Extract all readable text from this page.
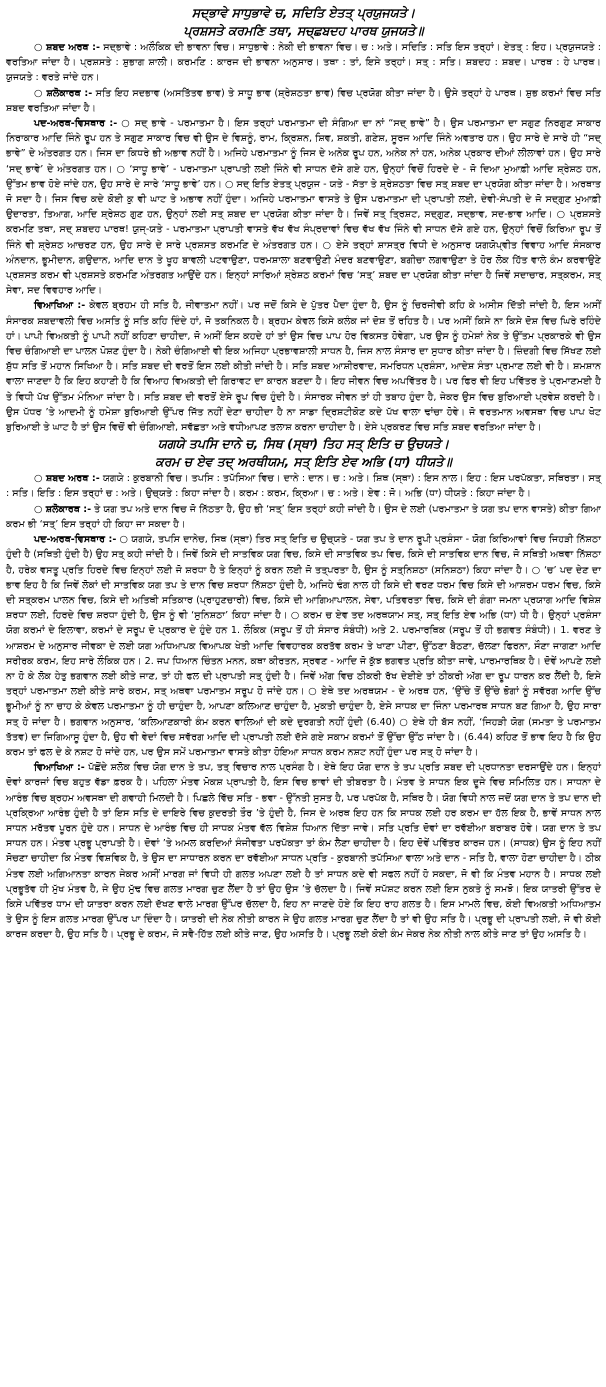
ਸਦ੍ਭਾਵੇ ਸਾਧੁਭਾਵੇ ਚ, ਸਦਿਤਿ ਏਤਤ੍ ਪ੍ਰਯੁਜਯਤੇ।

ਪ੍ਰਸ਼ਸਤੇ ਕਰਮਣਿ ਤਥਾ, ਸਚ੍ਛਬਦਹ ਪਾਰਥ ਯੁਜਯਤੇ॥

○ ਸ਼ਬਦ ਅਰਥ :- ਸਦ੍ਭਾਵੇ : ਅਲੌਕਿਕ ਦੀ ਭਾਵਨਾ ਵਿਚ। ਸਾਧੁਭਾਵੇ : ਨੇਕੀ ਦੀ ਭਾਵਨਾ ਵਿਚ। ਚ : ਅਤੇ। ਸਦਿਤਿ : ਸਤਿ ਇਸ ਤਰ੍ਹਾਂ। ਏਤਤ੍ : ਇਹ। ਪ੍ਰਯੁਜਯਤੇ : ਵਰਤਿਆ ਜਾਂਦਾ ਹੈ। ਪ੍ਰਸ਼ਸਤੇ : ਸ਼ੁਭਾਗ ਸ਼ਾਲੀ। ਕਰਮਣਿ : ਕਾਰਜ ਦੀ ਭਾਵਨਾ ਅਨੁਸਾਰ। ਤਥਾ : ਤਾਂ, ਇਸੇ ਤਰ੍ਹਾਂ। ਸਤ੍ : ਸਤਿ। ਸ਼ਬਦਹ : ਸ਼ਬਦ। ਪਾਰਥ : ਹੇ ਪਾਰਥ। ਯੁਜਯਤੇ : ਵਰਤੇ ਜਾਂਦੇ ਹਨ।

○ ਸ਼ਲੋਕਾਰਥ :- ਸਤਿ ਇਹ ਸਦਭਾਵ (ਅਸਤਿੱਤਵ ਭਾਵ) ਤੇ ਸਾਧੂ ਭਾਵ (ਸ਼੍ਰੇਸ਼ਠਤਾ ਭਾਵ) ਵਿਚ ਪ੍ਰਯੋਗ ਕੀਤਾ ਜਾਂਦਾ ਹੈ। ਉਸੇ ਤਰ੍ਹਾਂ ਹੇ ਪਾਰਥ। ਸ਼ੁਭ ਕਰਮਾਂ ਵਿਚ ਸਤਿ ਸ਼ਬਦ ਵਰਤਿਆ ਜਾਂਦਾ ਹੈ।

ਪਦ-ਅਰਥ-ਵਿਸਥਾਰ :- ○ ਸਦ੍ ਭਾਵੇ - ਪਰਮਾਤਮਾ ਹੈ। ਇਸ ਤਰ੍ਹਾਂ ਪਰਮਾਤਮਾ ਦੀ ਸੰਗਿਆ ਦਾ ਨਾਂ “ਸਦ੍ ਭਾਵੇ” ਹੈ। ਉਸ ਪਰਮਾਤਮਾ ਦਾ ਸਗੁਣ ਨਿਰਗੁਣ ਸਾਕਾਰ ਨਿਰਾਕਾਰ ਆਦਿ ਜਿੰਨੇ ਰੂਪ ਹਨ ਤੇ ਸਗੁਣ ਸਾਕਾਰ ਵਿਚ ਵੀ ਉਸ ਦੇ ਵਿਸ਼ਨੂੰ, ਰਾਮ, ਕ੍ਰਿਸ਼ਨ, ਸ਼ਿਵ, ਸ਼ਕਤੀ, ਗਣੇਸ਼, ਸੂਰਜ ਆਦਿ ਜਿੰਨੇ ਅਵਤਾਰ ਹਨ। ਉਹ ਸਾਰੇ ਦੇ ਸਾਰੇ ਹੀ “ਸਦ੍ ਭਾਵੇ” ਦੇ ਅੰਤਰਗਤ ਹਨ। ਜਿਸ ਦਾ ਕਿਧਰੇ ਭੀ ਅਭਾਵ ਨਹੀਂ ਹੈ। ਅਜਿਹੇ ਪਰਮਾਤਮਾ ਨੂੰ ਜਿਸ ਦੇ ਅਨੇਕ ਰੂਪ ਹਨ, ਅਨੇਕ ਨਾਂ ਹਨ, ਅਨੇਕ ਪ੍ਰਕਾਰ ਦੀਆਂ ਲੀਲਾਵਾਂ ਹਨ। ਉਹ ਸਾਰੇ ‘ਸਦ੍ ਭਾਵੇ’ ਦੇ ਅੰਤਰਗਤ ਹਨ। ○ ‘ਸਾਧੂ ਭਾਵੇ’ - ਪਰਮਾਤਮਾ ਪ੍ਰਾਪਤੀ ਲਈ ਜਿੰਨੇ ਵੀ ਸਾਧਨ ਦੱਸੇ ਗਏ ਹਨ, ਉਨ੍ਹਾਂ ਵਿਚੋਂ ਹਿਰਦੇ ਦੇ - ਜੋ ਦਿਆ ਮੁਆਫ਼ੀ ਆਦਿ ਸ਼੍ਰੇਸ਼ਠ ਹਨ, ਉੱਤਮ ਭਾਵ ਹੋਏ ਜਾਂਦੇ ਹਨ, ਉਹ ਸਾਰੇ ਦੇ ਸਾਰੇ ‘ਸਾਧੂ ਭਾਵੇ’ ਹਨ। ○ ਸਦ੍ ਇਤਿ ਏਤਤ੍ ਪ੍ਰਯੁਜ - ਯਤੇ - ਸੱਤਾ ਤੇ ਸ਼੍ਰੇਸ਼ਠਤਾ ਵਿਚ ਸਤ੍ ਸ਼ਬਦ ਦਾ ਪ੍ਰਯੋਗ ਕੀਤਾ ਜਾਂਦਾ ਹੈ। ਅਰਥਾਤ ਜੋ ਸਦਾ ਹੈ। ਜਿਸ ਵਿਚ ਕਦੇ ਕੋਈ ਕੁ ਵੀ ਘਾਟ ਤੇ ਅਭਾਵ ਨਹੀਂ ਹੁੰਦਾ। ਅਜਿਹੇ ਪਰਮਾਤਮਾ ਵਾਸਤੇ ਤੇ ਉਸ ਪਰਮਾਤਮਾ ਦੀ ਪ੍ਰਾਪਤੀ ਲਈ, ਦੇਵੀ-ਸੰਪਤੀ ਦੇ ਜੋ ਸਦ੍ਗੁਣ ਮੁਆਫ਼ੀ ਉਦਾਰਤਾ, ਤਿਆਗ, ਆਦਿ ਸ਼੍ਰੇਸ਼ਠ ਗੁਣ ਹਨ, ਉਨ੍ਹਾਂ ਲਈ ਸਤ੍ ਸ਼ਬਦ ਦਾ ਪ੍ਰਯੋਗ ਕੀਤਾ ਜਾਂਦਾ ਹੈ। ਜਿਵੇਂ ਸਤ੍ ਤ੍ਰਿਸ਼ਟ, ਸਦ੍ਗੁਣ, ਸਦ੍ਭਾਵ, ਸਦ-ਭਾਵ ਆਦਿ। ○ ਪ੍ਰਸ਼ਸਤੇ ਕਰਮਣਿ ਤਥਾ, ਸਦ੍ ਸ਼ਬਦਹ ਪਾਰਥ! ਯੁਜ੍-ਯਤੇ - ਪਰਮਾਤਮਾ ਪ੍ਰਾਪਤੀ ਵਾਸਤੇ ਵੱਖ ਵੱਖ ਸੰਪ੍ਰਦਾਵਾਂ ਵਿਚ ਵੱਖ ਵੱਖ ਜਿੰਨੇ ਵੀ ਸਾਧਨ ਦੱਸੇ ਗਏ ਹਨ, ਉਨ੍ਹਾਂ ਵਿਚੋਂ ਕਿਰਿਆ ਰੂਪ ਤੋਂ ਜਿੰਨੇ ਵੀ ਸ਼੍ਰੇਸ਼ਠ ਆਚਰਣ ਹਨ, ਉਹ ਸਾਰੇ ਦੇ ਸਾਰੇ ਪ੍ਰਸ਼ਸਤ ਕਰਮਣਿ ਦੇ ਅੰਤਰਗਤ ਹਨ। ○ ਏਸੇ ਤਰ੍ਹਾਂ ਸ਼ਾਸਤ੍ਰ ਵਿਧੀ ਦੇ ਅਨੁਸਾਰ ਯਗਯੋਪ੍ਵੀਤ ਵਿਵਾਹ ਆਦਿ ਸੰਸਕਾਰ ਅੰਨਦਾਨ, ਭੂਮੀਦਾਨ, ਗਉਦਾਨ, ਆਦਿ ਦਾਨ ਤੇ ਖੂਹ ਬਾਵਲੀ ਪਟਵਾਉਣਾ, ਧਰਮਸ਼ਾਲਾ ਬਣਵਾਉਣੀ ਮੰਦਰ ਬਣਵਾਉਣਾ, ਬਗੀਚਾ ਲਗਵਾਉਣਾ ਤੇ ਹੋਰ ਲੋਕ ਹਿੱਤ ਵਾਲੇ ਕੰਮ ਕਰਵਾਉਣੇ ਪ੍ਰਸ਼ਸਤ ਕਰਮ ਵੀ ਪ੍ਰਸ਼ਸਤੇ ਕਰਮਣਿ ਅੰਤਰਗਤ ਆਉਂਦੇ ਹਨ। ਇਨ੍ਹਾਂ ਸਾਰਿਆਂ ਸ਼੍ਰੇਸ਼ਠ ਕਰਮਾਂ ਵਿਚ ‘ਸਤ੍’ ਸ਼ਬਦ ਦਾ ਪ੍ਰਯੋਗ ਕੀਤਾ ਜਾਂਦਾ ਹੈ ਜਿਵੇਂ ਸਦਾਚਾਰ, ਸਤ੍ਕਰਮ, ਸਤ੍ ਸੇਵਾ, ਸਦ ਵਿਵਹਾਰ ਆਦਿ।

ਵਿਆਖਿਆ :- ਕੇਵਲ ਬ੍ਰਹਮ ਹੀ ਸਤਿ ਹੈ, ਜੀਵਾਤਮਾ ਨਹੀਂ। ਪਰ ਜਦੋਂ ਕਿਸੇ ਦੇ ਪੁੱਤਰ ਪੈਦਾ ਹੁੰਦਾ ਹੈ, ਉਸ ਨੂੰ ਚਿਰਜੀਵੀ ਕਹਿ ਕੇ ਅਸੀਸ ਦਿੱਤੀ ਜਾਂਦੀ ਹੈ, ਇਸ ਅਸੀਂ ਸੰਸਾਰਕ ਸ਼ਬਦਾਵਲੀ ਵਿਚ ਅਸਤਿ ਨੂੰ ਸਤਿ ਕਹਿ ਦਿੰਦੇ ਹਾਂ, ਜੋ ਤਕਨਿਕਲ ਹੈ। ਬ੍ਰਹਮ ਕੇਵਲ ਕਿਸੇ ਕਲੰਕ ਜਾਂ ਦੋਸ਼ ਤੋਂ ਰਹਿਤ ਹੈ। ਪਰ ਅਸੀਂ ਕਿਸੇ ਨਾ ਕਿਸੇ ਦੋਸ਼ ਵਿਚ ਘਿਰੇ ਰਹਿੰਦੇ ਹਾਂ। ਪਾਪੀ ਵਿਅਕਤੀ ਨੂੰ ਪਾਪੀ ਨਹੀਂ ਕਹਿਣਾ ਚਾਹੀਦਾ, ਜੋ ਅਸੀਂ ਇਸ ਕਹਦੇ ਹਾਂ ਤਾਂ ਉਸ ਵਿਚ ਪਾਪ ਹੋਰ ਵਿਕਸਤ ਹੋਵੇਗਾ, ਪਰ ਉਸ ਨੂੰ ਹਮੇਸ਼ਾਂ ਨੇਕ ਤੇ ਉੱਤਮ ਪ੍ਰਕਾਰਕੇ ਵੀ ਉਸ ਵਿਚ ਚੰਗਿਆਈ ਦਾ ਪਾਲਨ ਪੋਸ਼ਣ ਹੁੰਦਾ ਹੈ। ਨੇਕੀ ਚੰਗਿਆਈ ਵੀ ਇਕ ਅਜਿਹਾ ਪ੍ਰਭਾਵਸ਼ਾਲੀ ਸਾਧਨ ਹੈ, ਜਿਸ ਨਾਲ ਸੰਸਾਰ ਦਾ ਸੁਧਾਰ ਕੀਤਾ ਜਾਂਦਾ ਹੈ। ਜ਼ਿੰਦਗੀ ਵਿਚ ਸਿੱਖਣ ਲਈ ਸ਼ੁੱਧ ਸਤਿ ਤੋਂ ਮਹਾਨ ਸਿਖਿਆ ਹੈ। ਸਤਿ ਸ਼ਬਦ ਦੀ ਵਰਤੋਂ ਇਸ ਲਈ ਕੀਤੀ ਜਾਂਦੀ ਹੈ। ਸਤਿ ਸ਼ਬਦ ਆਸ਼ੀਰਵਾਦ, ਸਮਰਿਧਨ ਪ੍ਰਸ਼ੰਸਾ, ਆਦੇਸ਼ ਸੰਤਾ ਪ੍ਰਮਾਣ ਲਈ ਵੀ ਹੈ। ਸ਼ਮਸ਼ਾਨ ਵਾਲਾ ਜਾਣਦਾ ਹੈ ਕਿ ਇਹ ਕਹਾਣੀ ਹੈ ਕਿ ਵਿਆਹ ਵਿਅਕਤੀ ਦੀ ਗਿਰਾਵਟ ਦਾ ਕਾਰਨ ਬਣਦਾ ਹੈ। ਇਹ ਜੀਵਨ ਵਿਚ ਅਪਵਿੱਤਰ ਹੈ। ਪਰ ਫਿਰ ਵੀ ਇਹ ਪਵਿੱਤਰ ਤੇ ਪ੍ਰਮਾਣਮਈ ਹੈ ਤੇ ਵਿਧੀ ਪੱਖ ਉੱਤਮ ਮੰਨਿਆ ਜਾਂਦਾ ਹੈ। ਸਤਿ ਸ਼ਬਦ ਦੀ ਵਰਤੋਂ ਏਸੇ ਰੂਪ ਵਿਚ ਹੁੰਦੀ ਹੈ। ਸੰਸਾਰਕ ਜੀਵਨ ਤਾਂ ਹੀ ਤਬਾਹ ਹੁੰਦਾ ਹੈ, ਜੇਕਰ ਉਸ ਵਿਚ ਬੁਰਿਆਈ ਪ੍ਰਵੇਸ਼ ਕਰਦੀ ਹੈ। ਉਸ ਪੱਧਰ ’ਤੇ ਆਦਮੀ ਨੂੰ ਹਮੇਸ਼ਾ ਬੁਰਿਆਈ ਉੱਪਰ ਜਿੱਤ ਨਹੀਂ ਦੇਣਾ ਚਾਹੀਦਾ ਹੈ ਨਾ ਸਾਡਾ ਦ੍ਰਿਸ਼ਟੀਕੋਣ ਕਦੇ ਪੱਖ ਵਾਲਾ ਢਾਂਚਾ ਹੋਵੇ। ਜੋ ਵਰਤਮਾਨ ਅਵਸਥਾ ਵਿਚ ਪਾਪ ਖੋਟ ਬੁਰਿਆਈ ਤੇ ਘਾਟ ਹੈ ਤਾਂ ਉਸ ਵਿਚੋਂ ਵੀ ਚੰਗਿਆਈ, ਸਵੱਛਤਾ ਅਤੇ ਵਧੀਆਪਣ ਤਲਾਸ਼ ਕਰਨਾ ਚਾਹੀਦਾ ਹੈ। ਏਸੇ ਪ੍ਰਕਰਣ ਵਿਚ ਸਤਿ ਸ਼ਬਦ ਵਰਤਿਆ ਜਾਂਦਾ ਹੈ।

ਯਗਯੇ ਤਪਸਿ ਦਾਨੇ ਚ, ਸਿਥ (ਸ੍ਥਾ) ਤਿਹ ਸਤ੍ ਇਤਿ ਚ ਉਚਯਤੇ।

ਕਰਮ ਚ ਏਵ ਤਦ੍ ਅਰਥੀਯਮ, ਸਤ੍ ਇਤਿ ਏਵ ਅਭਿ (ਧਾ) ਧੀਯਤੇ॥

○ ਸ਼ਬਦ ਅਰਥ :- ਯਗਯੇ : ਕੁਰਬਾਨੀ ਵਿਚ। ਤਪਸਿ : ਤਪੱਸਿਆ ਵਿਚ। ਦਾਨੇ : ਦਾਨ। ਚ : ਅਤੇ। ਸ਼ਿਥ (ਸ੍ਥਾ) : ਇਸ ਨਾਲ। ਇਹ : ਇਸ ਪਰਪੱਕਤਾ, ਸਥਿਰਤਾ। ਸਤ੍ : ਸਤਿ। ਇਤਿ : ਇਸ ਤਰ੍ਹਾਂ ਚ : ਅਤੇ। ਉਚ੍ਯਤੇ : ਕਿਹਾ ਜਾਂਦਾ ਹੈ। ਕਰਮ : ਕਰਮ, ਕ੍ਰਿਆ। ਚ : ਅਤੇ। ਏਵ : ਜੋ। ਅਭਿ (ਧਾ) ਧੀਯਤੇ : ਕਿਹਾ ਜਾਂਦਾ ਹੈ।

○ ਸ਼ਲੋਕਾਰਥ :- ਤੇ ਯਗ ਤਪ ਅਤੇ ਦਾਨ ਵਿਚ ਜੋ ਨਿੱਠਤਾ ਹੈ, ਉਹ ਭੀ ‘ਸਤ੍’ ਇਸ ਤਰ੍ਹਾਂ ਕਹੀ ਜਾਂਦੀ ਹੈ। ਉਸ ਦੇ ਲਈ (ਪਰਮਾਤਮਾ ਤੇ ਯਗ ਤਪ ਦਾਨ ਵਾਸਤੇ) ਕੀਤਾ ਗਿਆ ਕਰਮ ਭੀ ‘ਸਤ੍’ ਇਸ ਤਰ੍ਹਾਂ ਹੀ ਕਿਹਾ ਜਾ ਸਕਦਾ ਹੈ।

ਪਦ-ਅਰਥ-ਵਿਸਥਾਰ :- ○ ਯਗਯੇ, ਤਪਸਿ ਦਾਨੇਚ, ਸਿਥ (ਸ੍ਥਾ) ਤਿਰ ਸਤ੍ ਇਤਿ ਚ ਉਚ੍ਯਤੇ - ਯਗ ਤਪ ਤੇ ਦਾਨ ਰੂਪੀ ਪ੍ਰਸ਼ੰਸਾ - ਯੋਗ ਕਿਰਿਆਵਾਂ ਵਿਚ ਜਿਹੜੀ ਨਿੱਸ਼ਠਾ ਹੁੰਦੀ ਹੈ (ਸਥਿਤੀ ਹੁੰਦੀ ਹੈ) ਉਹ ਸਤ੍ ਕਹੀ ਜਾਂਦੀ ਹੈ। ਜਿਵੇਂ ਕਿਸੇ ਦੀ ਸਾਤਵਿਕ ਯਗ ਵਿਚ, ਕਿਸੇ ਦੀ ਸਾਤਵਿਕ ਤਪ ਵਿਚ, ਕਿਸੇ ਦੀ ਸਾਤਵਿਕ ਦਾਨ ਵਿਚ, ਜੋ ਸਥਿਤੀ ਅਥਵਾ ਨਿੱਸ਼ਠਾ ਹੈ, ਹਰੇਕ ਵਸਤੂ ਪ੍ਰਤਿ ਹਿਰਦੇ ਵਿਚ ਇਨ੍ਹਾਂ ਲਈ ਜੋ ਸ਼ਰਧਾ ਹੈ ਤੇ ਇਨ੍ਹਾਂ ਨੂੰ ਕਰਨ ਲਈ ਜੋ ਤਤ੍ਪਰਤਾ ਹੈ, ਉਸ ਨੂੰ ਸਤ੍ਨਿਸ਼ਠਾ (ਸਨਿਸ਼ਠਾ) ਕਿਹਾ ਜਾਂਦਾ ਹੈ। ○ ‘ਚ’ ਪਦ ਦੇਣ ਦਾ ਭਾਵ ਇਹ ਹੈ ਕਿ ਜਿਵੇਂ ਲੋਕਾਂ ਦੀ ਸਾਤਵਿਕ ਯਗ ਤਪ ਤੇ ਦਾਨ ਵਿਚ ਸ਼ਰਧਾ ਨਿੱਸ਼ਠਾ ਹੁੰਦੀ ਹੈ, ਅਜਿਹੇ ਢੰਗ ਨਾਲ ਹੀ ਕਿਸੇ ਦੀ ਵਰਣ ਧਰਮ ਵਿਚ ਕਿਸੇ ਦੀ ਆਸ਼ਰਮ ਧਰਮ ਵਿਚ, ਕਿਸੇ ਦੀ ਸਤ੍ਕਰਮ ਪਾਲਨ ਵਿਚ, ਕਿਸੇ ਦੀ ਅਤਿਥੀ ਸਤਿਕਾਰ (ਪ੍ਰਾਹੁਣਚਾਰੀ) ਵਿਚ, ਕਿਸੇ ਦੀ ਆਗਿਆਪਾਲਨ, ਸੇਵਾ, ਪਤਿਵਰਤਾ ਵਿਚ, ਕਿਸੇ ਦੀ ਗੰਗਾ ਜਮਨਾ ਪ੍ਰਯਾਗ ਆਦਿ ਵਿਸ਼ੇਸ਼ ਸ਼ਰਧਾ ਲਈ, ਹਿਰਦੇ ਵਿਚ ਸ਼ਰਧਾ ਹੁੰਦੀ ਹੈ, ਉਸ ਨੂੰ ਵੀ ‘ਸੁਨਿਸ਼ਠਾ’ ਕਿਹਾ ਜਾਂਦਾ ਹੈ। ○ ਕਰਮ ਚ ਏਵ ਤਦ ਅਰਥਯਾਮ ਸਤ੍, ਸਤ੍ ਇਤਿ ਏਵ ਅਭਿ (ਧਾ) ਧੀ ਹੈ। ਉਨ੍ਹਾਂ ਪ੍ਰਸ਼ੰਸਾ ਯੋਗ ਕਰਮਾਂ ਦੇ ਇਲਾਵਾ, ਕਰਮਾਂ ਦੇ ਸਰੂਪ ਦੋ ਪ੍ਰਕਾਰ ਦੇ ਹੁੰਦੇ ਹਨ 1. ਲੌਕਿਕ (ਸਰੂਪ ਤੋਂ ਹੀ ਸੰਸਾਰ ਸੰਬੰਧੀ) ਅਤੇ 2. ਪਰਮਾਰਥਿਕ (ਸਰੂਪ ਤੋਂ ਹੀ ਭਗਵਤ ਸੰਬੰਧੀ)। 1. ਵਰਣ ਤੇ ਆਸ਼ਰਮ ਦੇ ਅਨੁਸਾਰ ਜੀਵਕਾ ਦੇ ਲਈ ਯਗ ਅਧਿਆਪਕ ਵਿਆਪਕ ਖੇਤੀ ਆਦਿ ਵਿਵਹਾਰਕ ਕਰਤੱਵ ਕਰਮ ਤੇ ਖਾਣਾ ਪੀਣਾ, ਉੱਠਣਾ ਬੈਠਣਾ, ਚੱਲਣਾ ਫਿਰਨਾ, ਸੌਣਾ ਜਾਗਣਾ ਆਦਿ ਸਰੀਰਕ ਕਰਮ, ਇਹ ਸਾਰੇ ਲੌਕਿਕ ਹਨ। 2. ਜਪ ਧਿਆਨ ਚਿੰਤਨ ਮਨਨ, ਕਥਾ ਕੀਰਤਨ, ਸ੍ਰਵਣ - ਆਦਿ ਜੋ ਕੁੱਝ ਭਗਵਤ ਪ੍ਰਤਿ ਕੀਤਾ ਜਾਵੇ, ਪਾਰਮਾਰਥਿਕ ਹੈ। ਦੋਵੇਂ ਆਪਣੇ ਲਈ ਨਾ ਹੋ ਕੇ ਲੋਕ ਹੇਤੁ ਭਗਵਾਨ ਲਈ ਕੀਤੇ ਜਾਣ, ਤਾਂ ਹੀ ਫਲ ਦੀ ਪ੍ਰਾਪਤੀ ਸਤ੍ ਹੁੰਦੀ ਹੈ। ਜਿਵੇਂ ਅੱਗ ਵਿਚ ਠੀਕਰੀ ਰੱਖ ਦੇਈਏ ਤਾਂ ਠੀਕਰੀ ਅੱਗ ਦਾ ਰੂਪ ਧਾਰਨ ਕਰ ਲੈਂਦੀ ਹੈ, ਇਸੇ ਤਰ੍ਹਾਂ ਪਰਮਾਤਮਾ ਲਈ ਕੀਤੇ ਸਾਰੇ ਕਰਮ, ਸਤ੍ ਅਥਵਾ ਪਰਮਾਤਮ ਸਰੂਪ ਹੋ ਜਾਂਦੇ ਹਨ। ○ ਏਥੇ ਤਦ ਅਰਥਯਮ - ਦੇ ਅਰਥ ਹਨ, ‘ਉੱਚੇ ਤੋਂ ਉੱਚੇ ਭੋਗਾਂ ਨੂੰ ਸਵੱਰਗ ਆਦਿ ਉੱਚ ਭੂਮੀਆਂ ਨੂੰ ਨਾ ਚਾਹ ਕੇ ਕੇਵਲ ਪਰਮਾਤਮਾ ਨੂੰ ਹੀ ਚਾਹੁੰਦਾ ਹੈ, ਆਪਣਾ ਕਲਿਆਣ ਚਾਹੁੰਦਾ ਹੈ, ਮੁਕਤੀ ਚਾਹੁੰਦਾ ਹੈ, ਏਸੇ ਸਾਧਕ ਦਾ ਜਿੰਨਾ ਪਰਮਾਰਥ ਸਾਧਨ ਬਣ ਗਿਆ ਹੈ, ਉਹ ਸਾਰਾ ਸਤ੍ ਹੋ ਜਾਂਦਾ ਹੈ। ਭਗਵਾਨ ਅਨੁਸਾਰ, ‘ਕਲਿਆਣਕਾਰੀ ਕੰਮ ਕਰਨ ਵਾਲਿਆਂ ਦੀ ਕਦੇ ਦੁਰਗਤੀ ਨਹੀਂ ਹੁੰਦੀ (6.40) ○ ਏਥੇ ਹੀ ਬੱਸ ਨਹੀਂ, ‘ਜਿਹੜੀ ਯੋਗ (ਸਮਤਾ ਤੇ ਪਰਮਾਤਮ ਤੱਤਵ) ਦਾ ਜਿਗਿਆਸੂ ਹੁੰਦਾ ਹੈ, ਉਹ ਵੀ ਵੇਦਾਂ ਵਿਚ ਸਵੱਰਗ ਆਦਿ ਦੀ ਪ੍ਰਾਪਤੀ ਲਈ ਦੱਸੇ ਗਏ ਸਕਾਮ ਕਰਮਾਂ ਤੋਂ ਉੱਚਾ ਉੱਠ ਜਾਂਦਾ ਹੈ। (6.44) ਕਹਿਣ ਤੋਂ ਭਾਵ ਇਹ ਹੈ ਕਿ ਉਹ ਕਰਮ ਤਾਂ ਫਲ ਦੇ ਕੇ ਨਸ਼ਟ ਹੋ ਜਾਂਦੇ ਹਨ, ਪਰ ਉਸ ਸਮੇਂ ਪਰਮਾਤਮਾ ਵਾਸਤੇ ਕੀਤਾ ਹੋਇਆ ਸਾਧਨ ਕਰਮ ਨਸ਼ਟ ਨਹੀਂ ਹੁੰਦਾ ਪਰ ਸਤ੍ ਹੋ ਜਾਂਦਾ ਹੈ।

ਵਿਆਖਿਆ :- ਪੱਛੋਂਦੇ ਸ਼ਲੋਕ ਵਿਚ ਯੋਗ ਦਾਨ ਤੇ ਤਪ, ਤਤ੍ ਵਿਚਾਰ ਨਾਲ ਪ੍ਰਸੰਗ ਹੈ। ਏਥੇ ਇਹ ਯੋਗ ਦਾਨ ਤੇ ਤਪ ਪ੍ਰਤਿ ਸ਼ਬਦ ਦੀ ਪ੍ਰਧਾਨਤਾ ਦਰਸਾਉਂਦੇ ਹਨ। ਇਨ੍ਹਾਂ ਦੋਵਾਂ ਕਾਰਜਾਂ ਵਿਚ ਬਹੁਤ ਵੱਡਾ ਫ਼ਰਕ ਹੈ। ਪਹਿਲਾ ਮੰਤਵ ਮੋਕਸ਼ ਪ੍ਰਾਪਤੀ ਹੈ, ਇਸ ਵਿਚ ਭਾਵਾਂ ਦੀ ਤੀਬਰਤਾ ਹੈ। ਮੰਤਵ ਤੇ ਸਾਧਨ ਇਕ ਦੂਜੇ ਵਿਚ ਸਮਿਲਿਤ ਹਨ। ਸਾਧਨਾ ਦੇ ਆਰੰਭ ਵਿਚ ਬ੍ਰਹਮ ਅਵਸਥਾ ਦੀ ਗਵਾਹੀ ਮਿਲਦੀ ਹੈ। ਪਿਛਲੇ ਵਿੱਚ ਸਤਿ - ਭਵਾ - ਉੱਨਤੀ ਸੁਸਤ ਹੈ, ਪਰ ਪਰਪੱਕ ਹੈ, ਸਥਿਰ ਹੈ। ਯੋਗ ਵਿਧੀ ਨਾਲ ਜਦੋਂ ਯਗ ਦਾਨ ਤੇ ਤਪ ਦਾਨ ਦੀ ਪ੍ਰਕ੍ਰਿਆ ਆਰੰਭ ਹੁੰਦੀ ਹੈ ਤਾਂ ਇਸ ਸਤਿ ਦੇ ਦਾਇਰੇ ਵਿਚ ਕੁਦਰਤੀ ਤੌਰ ’ਤੇ ਹੁੰਦੀ ਹੈ, ਜਿਸ ਦੇ ਅਰਥ ਇਹ ਹਨ ਕਿ ਸਾਧਕ ਲਈ ਹਰ ਕਰਮ ਦਾ ਹੱਲ ਇਕ ਹੈ, ਭਾਵੇਂ ਸਾਧਨ ਨਾਲ ਸਾਧਨ ਮਰੱਤਵ ਪੂਰਨ ਹੁੰਦੇ ਹਨ। ਸਾਧਨ ਦੇ ਆਰੰਭ ਵਿਚ ਹੀ ਸਾਧਕ ਮੰਤਵ ਵੱਲ ਵਿਸ਼ੇਸ਼ ਧਿਆਨ ਦਿੱਤਾ ਜਾਵੇ। ਸਤਿ ਪ੍ਰਤਿ ਦੋਵਾਂ ਦਾ ਰਵੱਈਆ ਬਰਾਬਰ ਹੋਵੇ। ਯਗ ਦਾਨ ਤੇ ਤਪ ਸਾਧਨ ਹਨ। ਮੰਤਵ ਪ੍ਰਭੂ ਪ੍ਰਾਪਤੀ ਹੈ। ਦੋਵਾਂ ’ਤੇ ਅਮਲ ਕਰਦਿਆਂ ਸੰਜੀਵਤਾ ਪਰਪੱਕਤਾ ਤਾਂ ਕੰਮ ਲੈਣਾ ਚਾਹੀਦਾ ਹੈ। ਇਹ ਦੋਵੇਂ ਪਵਿੱਤਰ ਕਾਰਜ ਹਨ। (ਸਾਧਕ) ਉਸ ਨੂੰ ਇਹ ਨਹੀਂ ਸੋਚਣਾ ਚਾਹੀਦਾ ਕਿ ਮੰਤਵ ਵਿਸ਼ਵਿਕ ਹੈ, ਤੇ ਉਸ ਦਾ ਸਾਧਾਰਨ ਕਰਨ ਦਾ ਰਵੱਈਆ ਸਾਧਨ ਪ੍ਰਤਿ - ਕੁਰਬਾਨੀ ਤਪੱਸਿਆ ਵਾਲਾ ਅਤੇ ਦਾਨ - ਸਤਿ ਹੈ, ਵਾਲਾ ਹੋਣਾ ਚਾਹੀਦਾ ਹੈ। ਠੀਕ ਮੰਤਵ ਲਈ ਅਗਿਆਨਤਾ ਕਾਰਨ ਜੇਕਰ ਅਸੀਂ ਮਾਰਗ ਜਾਂ ਵਿਧੀ ਹੀ ਗਲਤ ਅਪਣਾ ਲਈ ਹੈ ਤਾਂ ਸਾਧਨ ਕਦੇ ਵੀ ਸਫਲ ਨਹੀਂ ਹੋ ਸਕਦਾ, ਜੋ ਵੀ ਕਿ ਮੰਤਵ ਮਹਾਨ ਹੈ। ਸਾਧਕ ਲਈ ਪ੍ਰਭੂਤੱਵ ਹੀ ਮੁੱਖ ਮੰਤਵ ਹੈ, ਜੇ ਉਹ ਮੁੱਢ ਵਿਚ ਗਲਤ ਮਾਰਗ ਚੁਣ ਲੈਂਦਾ ਹੈ ਤਾਂ ਉਹ ਉਸ ’ਤੇ ਚੱਲਦਾ ਹੈ। ਜਿਵੇਂ ਸਪੱਸ਼ਟ ਕਰਨ ਲਈ ਇਸ ਨੁਕਤੇ ਨੂੰ ਸਮਝੋ। ਇਕ ਯਾਤਰੀ ਉੱਤਰ ਦੇ ਕਿਸੇ ਪਵਿੱਤਰ ਧਾਮ ਦੀ ਯਾਤਰਾ ਕਰਨ ਲਈ ਦੱਖਣ ਵਾਲੇ ਮਾਰਗ ਉੱਪਰ ਚੱਲਦਾ ਹੈ, ਇਹ ਨਾ ਜਾਣਦੇ ਹੋਏ ਕਿ ਇਹ ਰਾਹ ਗਲਤ ਹੈ। ਇਸ ਮਾਮਲੇ ਵਿਚ, ਕੋਈ ਵਿਅਕਤੀ ਅਧਿਆਤਮ ਤੇ ਉਸ ਨੂੰ ਇਸ ਗਲਤ ਮਾਰਗ ਉੱਪਰ ਪਾ ਦਿੰਦਾ ਹੈ। ਯਾਤਰੀ ਦੀ ਨੇਕ ਨੀਤੀ ਕਾਰਨ ਜੇ ਉਹ ਗਲਤ ਮਾਰਗ ਚੁਣ ਲੈਂਦਾ ਹੈ ਤਾਂ ਵੀ ਉਹ ਸਤਿ ਹੈ। ਪ੍ਰਭੂ ਦੀ ਪ੍ਰਾਪਤੀ ਲਈ, ਜੋ ਵੀ ਕੋਈ ਕਾਰਜ ਕਰਦਾ ਹੈ, ਉਹ ਸਤਿ ਹੈ। ਪ੍ਰਭੂ ਦੇ ਕਰਮ, ਜੋ ਸਵੈ-ਹਿੱਤ ਲਈ ਕੀਤੇ ਜਾਣ, ਉਹ ਅਸਤਿ ਹੈ। ਪ੍ਰਭੂ ਲਈ ਕੋਈ ਕੰਮ ਜੇਕਰ ਨੇਕ ਨੀਤੀ ਨਾਲ ਕੀਤੇ ਜਾਣ ਤਾਂ ਉਹ ਅਸਤਿ ਹੈ।
